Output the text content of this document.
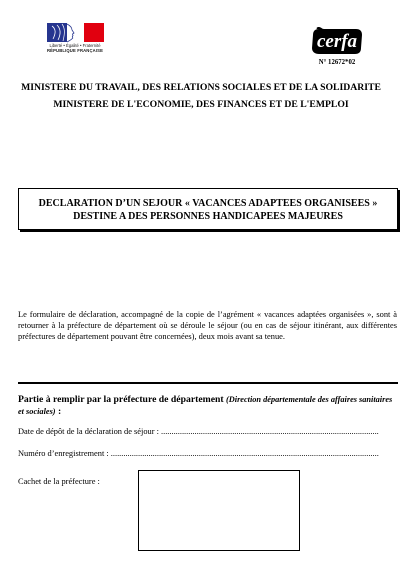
Liberté • Égalité • Fraternité
RÉPUBLIQUE FRANÇAISE	cerfa
N° 12672*02
MINISTERE DU TRAVAIL, DES RELATIONS SOCIALES ET DE LA SOLIDARITE
MINISTERE DE L'ECONOMIE, DES FINANCES ET DE L'EMPLOI
DECLARATION D’UN SEJOUR « VACANCES ADAPTEES ORGANISEES »
DESTINE A DES PERSONNES HANDICAPEES MAJEURES
Le formulaire de déclaration, accompagné de la copie de l’agrément « vacances adaptées organisées », sont à
retourner à la préfecture de département où se déroule le séjour (ou en cas de séjour itinérant, aux différentes
préfectures de département pouvant être concernées), deux mois avant sa tenue.
Partie à remplir par la préfecture de département (Direction départementale des affaires sanitaires
et sociales) :
Date de dépôt de la déclaration de séjour : ........................................................................................................
Numéro d’enregistrement : ................................................................................................................................
Cachet de la préfecture :
